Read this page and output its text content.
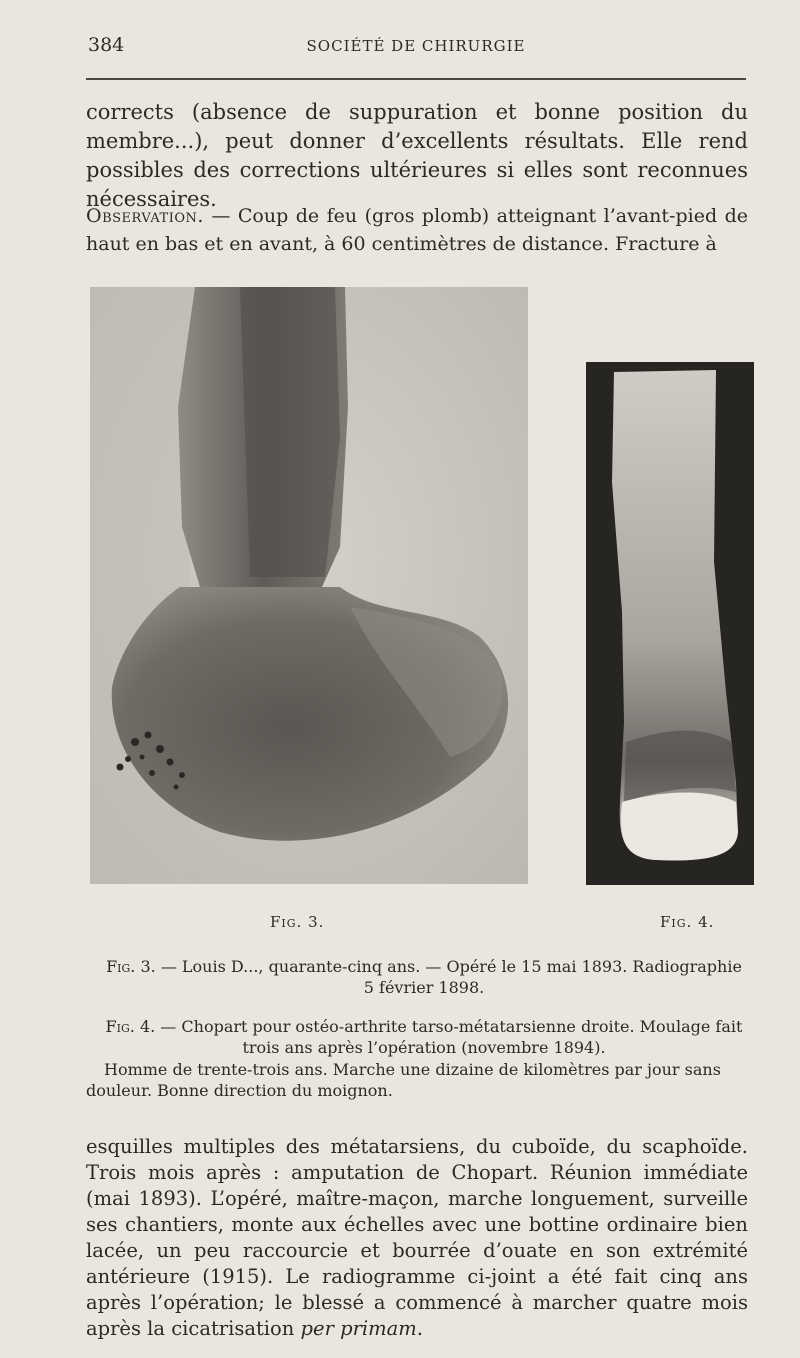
384	SOCIÉTÉ DE CHIRURGIE

corrects (absence de suppuration et bonne position du membre...), peut donner d’excellents résultats. Elle rend possibles des corrections ultérieures si elles sont reconnues nécessaires.

Observation. — Coup de feu (gros plomb) atteignant l’avant-pied de haut en bas et en avant, à 60 centimètres de distance. Fracture à

Fig. 3.	Fig. 4.

Fig. 3. — Louis D..., quarante-cinq ans. — Opéré le 15 mai 1893. Radiographie 5 février 1898.

Fig. 4. — Chopart pour ostéo-arthrite tarso-métatarsienne droite. Moulage fait trois ans après l’opération (novembre 1894).

Homme de trente-trois ans. Marche une dizaine de kilomètres par jour sans douleur. Bonne direction du moignon.

esquilles multiples des métatarsiens, du cuboïde, du scaphoïde. Trois mois après : amputation de Chopart. Réunion immédiate (mai 1893). L’opéré, maître-maçon, marche longuement, surveille ses chantiers, monte aux échelles avec une bottine ordinaire bien lacée, un peu raccourcie et bourrée d’ouate en son extrémité antérieure (1915). Le radiogramme ci-joint a été fait cinq ans après l’opération; le blessé a commencé à marcher quatre mois après la cicatrisation per primam.
